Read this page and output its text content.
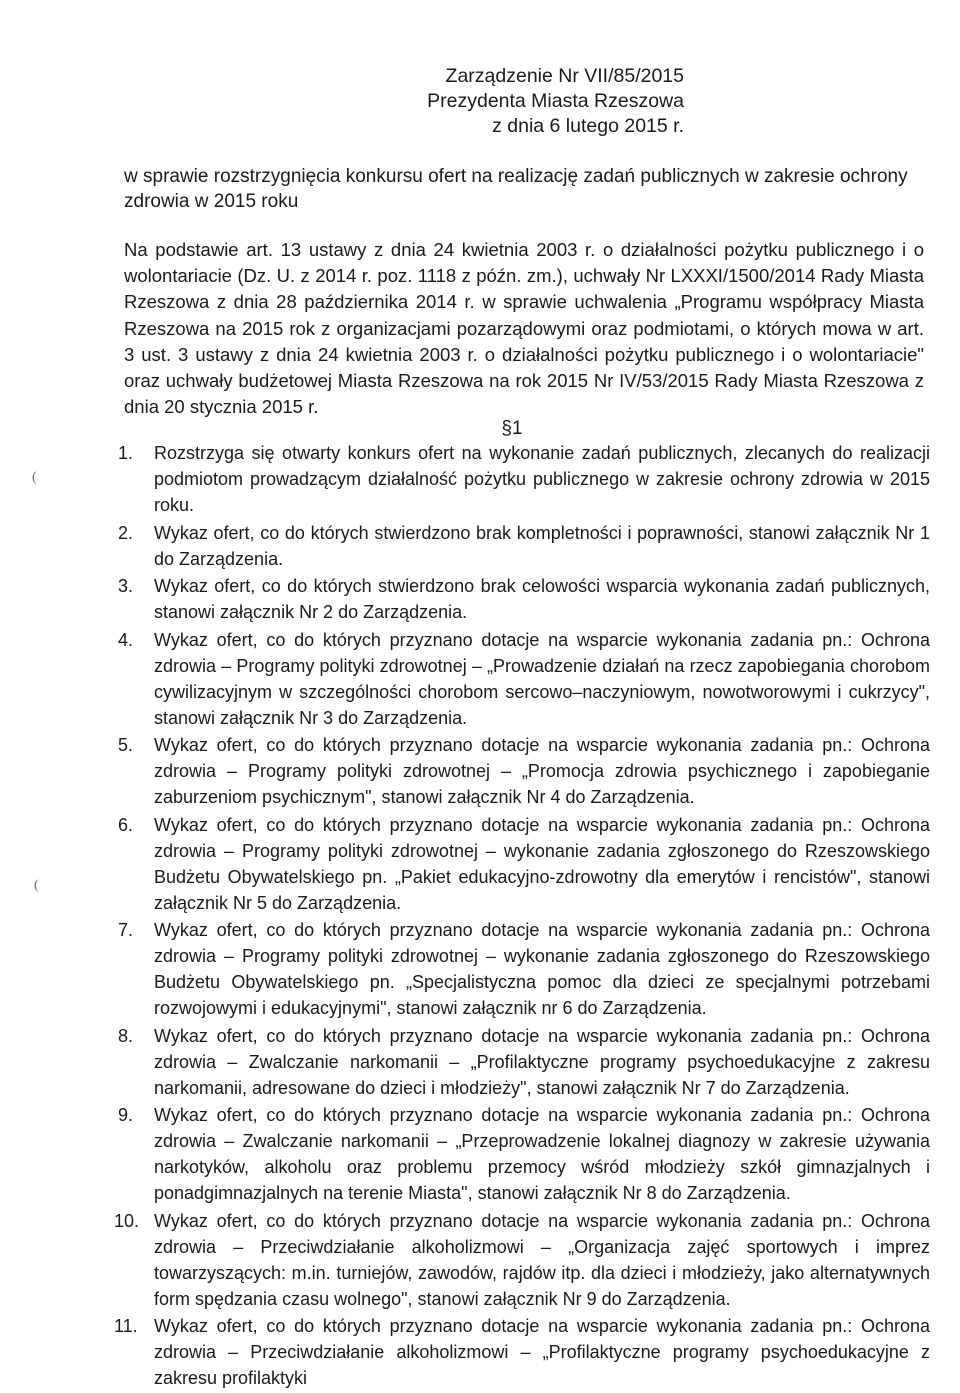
Zarządzenie Nr VII/85/2015
Prezydenta Miasta Rzeszowa
z dnia 6 lutego 2015 r.
w sprawie rozstrzygnięcia konkursu ofert na realizację zadań publicznych w zakresie ochrony zdrowia w 2015 roku
Na podstawie art. 13 ustawy z dnia 24 kwietnia 2003 r. o działalności pożytku publicznego i o wolontariacie (Dz. U. z 2014 r. poz. 1118 z późn. zm.), uchwały Nr LXXXI/1500/2014 Rady Miasta Rzeszowa z dnia 28 października 2014 r. w sprawie uchwalenia „Programu współpracy Miasta Rzeszowa na 2015 rok z organizacjami pozarządowymi oraz podmiotami, o których mowa w art. 3 ust. 3 ustawy z dnia 24 kwietnia 2003 r. o działalności pożytku publicznego i o wolontariacie" oraz uchwały budżetowej Miasta Rzeszowa na rok 2015 Nr IV/53/2015 Rady Miasta Rzeszowa z dnia 20 stycznia 2015 r.
§1
(
(
1.	Rozstrzyga się otwarty konkurs ofert na wykonanie zadań publicznych, zlecanych do realizacji podmiotom prowadzącym działalność pożytku publicznego w zakresie ochrony zdrowia w 2015 roku.
2.	Wykaz ofert, co do których stwierdzono brak kompletności i poprawności, stanowi załącznik Nr 1 do Zarządzenia.
3.	Wykaz ofert, co do których stwierdzono brak celowości wsparcia wykonania zadań publicznych, stanowi załącznik Nr 2 do Zarządzenia.
4.	Wykaz ofert, co do których przyznano dotacje na wsparcie wykonania zadania pn.: Ochrona zdrowia – Programy polityki zdrowotnej – „Prowadzenie działań na rzecz zapobiegania chorobom cywilizacyjnym w szczególności chorobom sercowo–naczyniowym, nowotworowymi i cukrzycy", stanowi załącznik Nr 3 do Zarządzenia.
5.	Wykaz ofert, co do których przyznano dotacje na wsparcie wykonania zadania pn.: Ochrona zdrowia – Programy polityki zdrowotnej – „Promocja zdrowia psychicznego i zapobieganie zaburzeniom psychicznym", stanowi załącznik Nr 4 do Zarządzenia.
6.	Wykaz ofert, co do których przyznano dotacje na wsparcie wykonania zadania pn.: Ochrona zdrowia – Programy polityki zdrowotnej – wykonanie zadania zgłoszonego do Rzeszowskiego Budżetu Obywatelskiego pn. „Pakiet edukacyjno-zdrowotny dla emerytów i rencistów", stanowi załącznik Nr 5 do Zarządzenia.
7.	Wykaz ofert, co do których przyznano dotacje na wsparcie wykonania zadania pn.: Ochrona zdrowia – Programy polityki zdrowotnej – wykonanie zadania zgłoszonego do Rzeszowskiego Budżetu Obywatelskiego pn. „Specjalistyczna pomoc dla dzieci ze specjalnymi potrzebami rozwojowymi i edukacyjnymi", stanowi załącznik nr 6 do Zarządzenia.
8.	Wykaz ofert, co do których przyznano dotacje na wsparcie wykonania zadania pn.: Ochrona zdrowia – Zwalczanie narkomanii – „Profilaktyczne programy psychoedukacyjne z zakresu narkomanii, adresowane do dzieci i młodzieży", stanowi załącznik Nr 7 do Zarządzenia.
9.	Wykaz ofert, co do których przyznano dotacje na wsparcie wykonania zadania pn.: Ochrona zdrowia – Zwalczanie narkomanii – „Przeprowadzenie lokalnej diagnozy w zakresie używania narkotyków, alkoholu oraz problemu przemocy wśród młodzieży szkół gimnazjalnych i ponadgimnazjalnych na terenie Miasta", stanowi załącznik Nr 8 do Zarządzenia.
10. Wykaz ofert, co do których przyznano dotacje na wsparcie wykonania zadania pn.: Ochrona zdrowia – Przeciwdziałanie alkoholizmowi – „Organizacja zajęć sportowych i imprez towarzyszących: m.in. turniejów, zawodów, rajdów itp. dla dzieci i młodzieży, jako alternatywnych form spędzania czasu wolnego", stanowi załącznik Nr 9 do Zarządzenia.
11. Wykaz ofert, co do których przyznano dotacje na wsparcie wykonania zadania pn.: Ochrona zdrowia – Przeciwdziałanie alkoholizmowi – „Profilaktyczne programy psychoedukacyjne z zakresu profilaktyki
